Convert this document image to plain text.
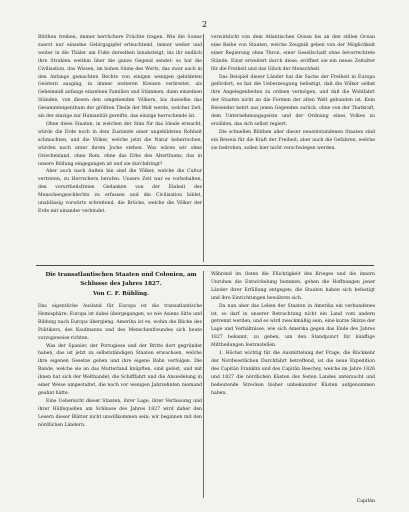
2

Blüthen treiben, immer herrlichere Früchte tragen. Wie die Sonne zuerst nur einzelne Gebirgsgipfel erleuchtend, immer weiter und weiter in die Thäler am Fuße derselben hinabsteigt, bis ihr endlich ihre Strahlen weithin über die ganze Gegend sendet: so hat die Civilisation, das Wissen, im hohen Sinne des Worts, das zwar auch in den Anfangs gemachten Rechte von einigen wenigen gebildeten Geistern ausging, in immer weiteren Kreisen verbreitet, als Geheimniß anfangs einzelnen Familien und Stämmen, dann einzelnen Ständen, von diesen den umgebenden Völkern, bis dasselbe das Gesammteigenthum der größten Theile der Welt werde, welcher Zeit, als der einzige zur Humanität gereifte, das einzige herrschende ist.

Ohne diese Staaten, in welchen der Sinn für das Ideale erwacht, würde die Erde noch in dem Zustande einer ungebildeten Rohheit schmachten, und die Völker, welche jetzt die Natur beherrschen, würden noch unter ihrem Joche stehen. Was wären wir ohne Griechenland, ohne Rom, ohne das Erbe des Alterthums, das in unsere Bildung eingegangen ist und sie durchdringt?

Aber auch nach Außen hin sind die Völker, welche die Cultur vertreten, zu Herrschern berufen. Unsere Zeit war es vorbehalten, den vorurtheilsfreien Gedanken von der Einheit des Menschengeschlechts zu erfassen und die Civilisation bildet, unablässig vorwärts schreitend, die Brücke, welche die Völker der Erde mit einander verbindet.

verwirklicht von dem Atlantischen Ocean bis an den stillen Ocean eine Reihe von Staaten, welche Zeugniß geben von der Möglichkeit einer Regierung ohne Thron, einer Gesellschaft ohne bevorrechtete Stände. Einst erweitert durch diese, eröffnet sie ein neues Zeitalter für die Freiheit und das Glück der Menschheit.

Das Beispiel dieser Länder hat die Sache der Freiheit in Europa gefördert; es hat die Ueberzeugung befestigt, daß die Völker selbst ihre Angelegenheiten zu ordnen vermögen, und daß die Wohlfahrt der Staaten nicht an die Formen der alten Welt gebunden ist. Kein Reisender kehrt aus jenen Gegenden zurück, ohne von der Thatkraft, dem Unternehmungsgeiste und der Ordnung eines Volkes zu erzählen, das sich selbst regiert.

Die schnellen Blüthen aller dieser neuentstandenen Staaten sind ein Beweis für die Kraft der Freiheit; aber auch die Gefahren, welche sie bedrohen, sollen hier nicht verschwiegen werden.

Die transatlantischen Staaten und Colonien, am Schlusse des Jahres 1827.
Von C. F. Rühling.

Das eigentliche Ausland für Europa ist die transatlantische Hemisphäre; Europa ist dabei übergegangen, so wie Asiens Sitte und Bildung nach Europa übergieng. Amerika ist es, wohin die Blicke des Politikers, des Kaufmanns und des Menschenfreundes sich heute vorzugsweise richten.

Was der Spanier, der Portugiese und der Britte dort gegründet haben, das ist jetzt zu selbstständigen Staaten erwachsen, welche ihre eigenen Gesetze geben und ihre eigene Bahn verfolgen. Die Bande, welche sie an das Mutterland knüpften, sind gelöst, und mit ihnen hat sich der Welthandel, die Schifffahrt und die Ansiedelung in einer Weise umgestaltet, die noch vor wenigen Jahrzehnten niemand geahnt hätte.

Eine Uebersicht dieser Staaten, ihrer Lage, ihrer Verfassung und ihrer Hülfsquellen am Schlusse des Jahres 1827 wird daher den Lesern dieser Blätter nicht unwillkommen sein; wir beginnen mit den nördlichen Ländern.

Während im Osten die Flüchtigkeit des Krieges und die innern Unruhen die Entwickelung hemmen, gehen die Hoffnungen jener Länder ihrer Erfüllung entgegen; die Staaten haben sich befestigt und ihre Einrichtungen bewähren sich.

Da nun aber das Leben der Staaten in Amerika ein verbundenes ist, so darf in unserer Betrachtung nicht ein Land vom andern getrennt werden, und es wird zweckmäßig sein, eine kurze Skizze der Lage und Verhältnisse, wie sich Amerika gegen das Ende des Jahres 1827 bekannt, zu geben, um den Standpunct für künftige Mittheilungen festzustellen.

1. Höchst wichtig für die Ausmittelung der Frage, die Rückkehr der Nordwestlichen Durchfahrt betreffend, ist die neue Expedition des Capitän Franklin und des Capitän Beechey, welche im Jahre 1826 und 1827 die nördlichen Küsten des festen Landes untersucht und bedeutende Strecken bisher unbekannter Küsten aufgenommen haben.

Capitän
